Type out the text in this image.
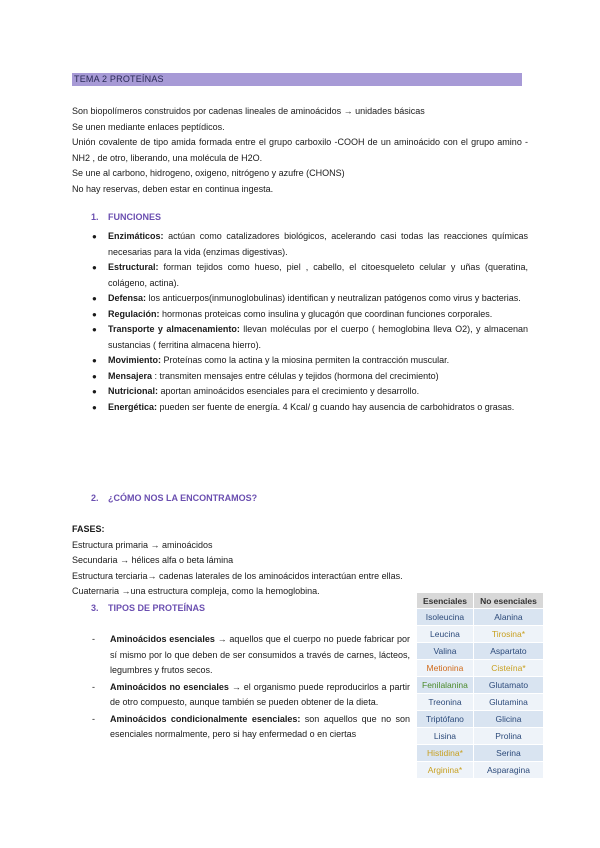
TEMA 2 PROTEÍNAS

Son biopolímeros construidos por cadenas lineales de aminoácidos → unidades básicas

Se unen mediante enlaces peptídicos.

Unión covalente de tipo amida formada entre el grupo carboxilo -COOH de un aminoácido con el grupo amino -NH2 , de otro, liberando, una molécula de H2O.

Se une al carbono, hidrogeno, oxigeno, nitrógeno y azufre (CHONS)

No hay reservas, deben estar en continua ingesta.

1. FUNCIONES
● Enzimáticos: actúan como catalizadores biológicos, acelerando casi todas las reacciones químicas necesarias para la vida (enzimas digestivas).
● Estructural: forman tejidos como hueso, piel , cabello, el citoesqueleto celular y uñas (queratina, colágeno, actina).
● Defensa: los anticuerpos(inmunoglobulinas) identifican y neutralizan patógenos como virus y bacterias.
● Regulación: hormonas proteicas como insulina y glucagón que coordinan funciones corporales.
● Transporte y almacenamiento: llevan moléculas por el cuerpo ( hemoglobina lleva O2), y almacenan sustancias ( ferritina almacena hierro).
● Movimiento: Proteínas como la actina y la miosina permiten la contracción muscular.
● Mensajera : transmiten mensajes entre células y tejidos (hormona del crecimiento)
● Nutricional: aportan aminoácidos esenciales para el crecimiento y desarrollo.
● Energética: pueden ser fuente de energía. 4 Kcal/ g cuando hay ausencia de carbohidratos o grasas.
2. ¿CÓMO NOS LA ENCONTRAMOS?

FASES:

Estructura primaria → aminoácidos

Secundaria → hélices alfa o beta lámina

Estructura terciaria→ cadenas laterales de los aminoácidos interactúan entre ellas.

Cuaternaria →una estructura compleja, como la hemoglobina.

3. TIPOS DE PROTEÍNAS
- Aminoácidos esenciales → aquellos que el cuerpo no puede fabricar por sí mismo por lo que deben de ser consumidos a través de carnes, lácteos, legumbres y frutos secos.
- Aminoácidos no esenciales → el organismo puede reproducirlos a partir de otro compuesto, aunque también se pueden obtener de la dieta.
- Aminoácidos condicionalmente esenciales: son aquellos que no son esenciales normalmente, pero si hay enfermedad o en ciertas
Esenciales	No esenciales
Isoleucina	Alanina
Leucina	Tirosina*
Valina	Aspartato
Metionina	Cisteína*
Fenilalanina	Glutamato
Treonina	Glutamina
Triptófano	Glicina
Lisina	Prolina
Histidina*	Serina
Arginina*	Asparagina
